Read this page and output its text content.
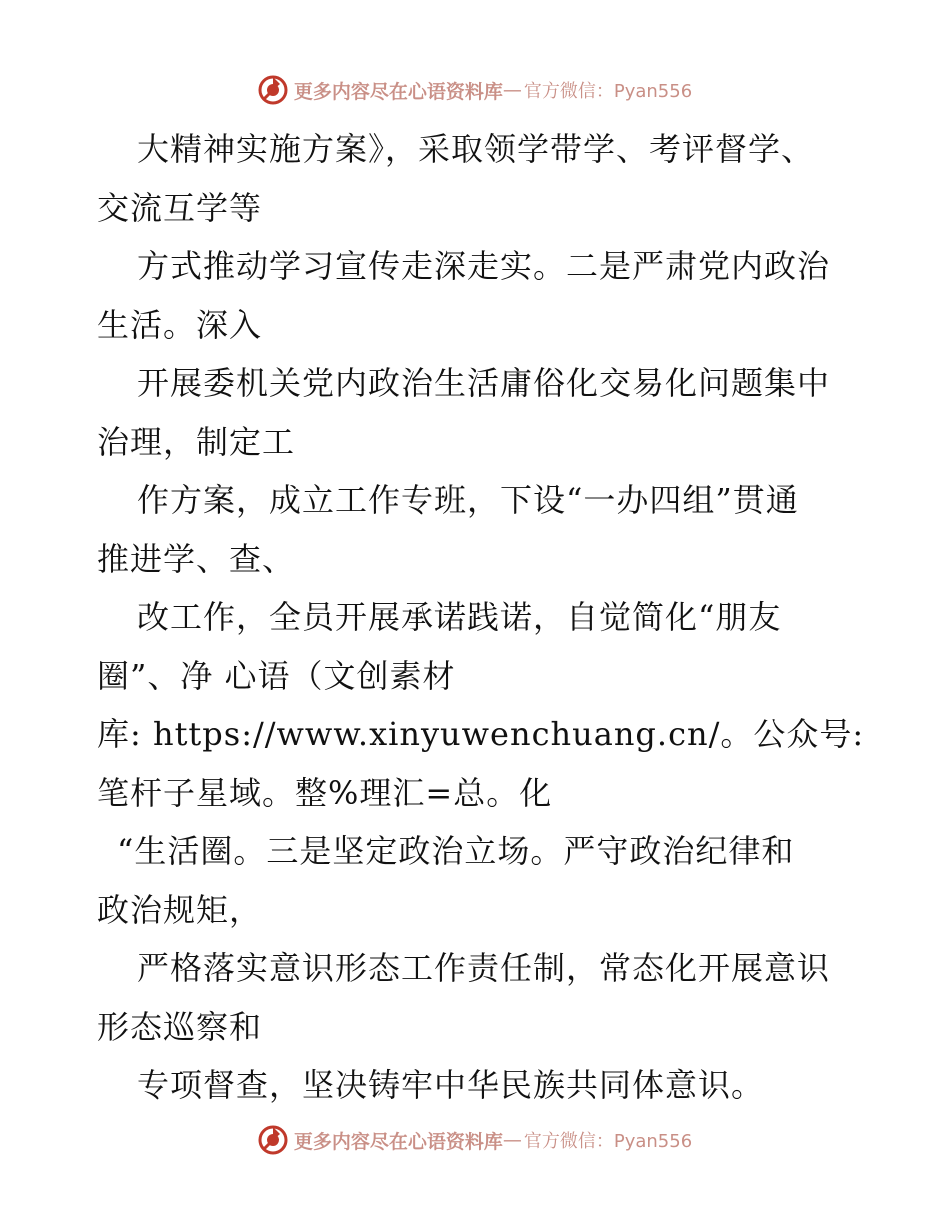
更多内容尽在心语资料库 — 官方微信：Pyan556
大精神实施方案》，采取领学带学、考评督学、
交流互学等
方式推动学习宣传走深走实。二是严肃党内政治
生活。深入
开展委机关党内政治生活庸俗化交易化问题集中
治理，制定工
作方案，成立工作专班，下设“一办四组”贯通
推进学、查、
改工作，全员开展承诺践诺，自觉简化“朋友
圈”、净 心语（文创素材
库: https://www.xinyuwenchuang.cn/。公众号:
笔杆子星域。整%理汇=总。化
“生活圈。三是坚定政治立场。严守政治纪律和
政治规矩，
严格落实意识形态工作责任制，常态化开展意识
形态巡察和
专项督查，坚决铸牢中华民族共同体意识。
更多内容尽在心语资料库 — 官方微信：Pyan556
